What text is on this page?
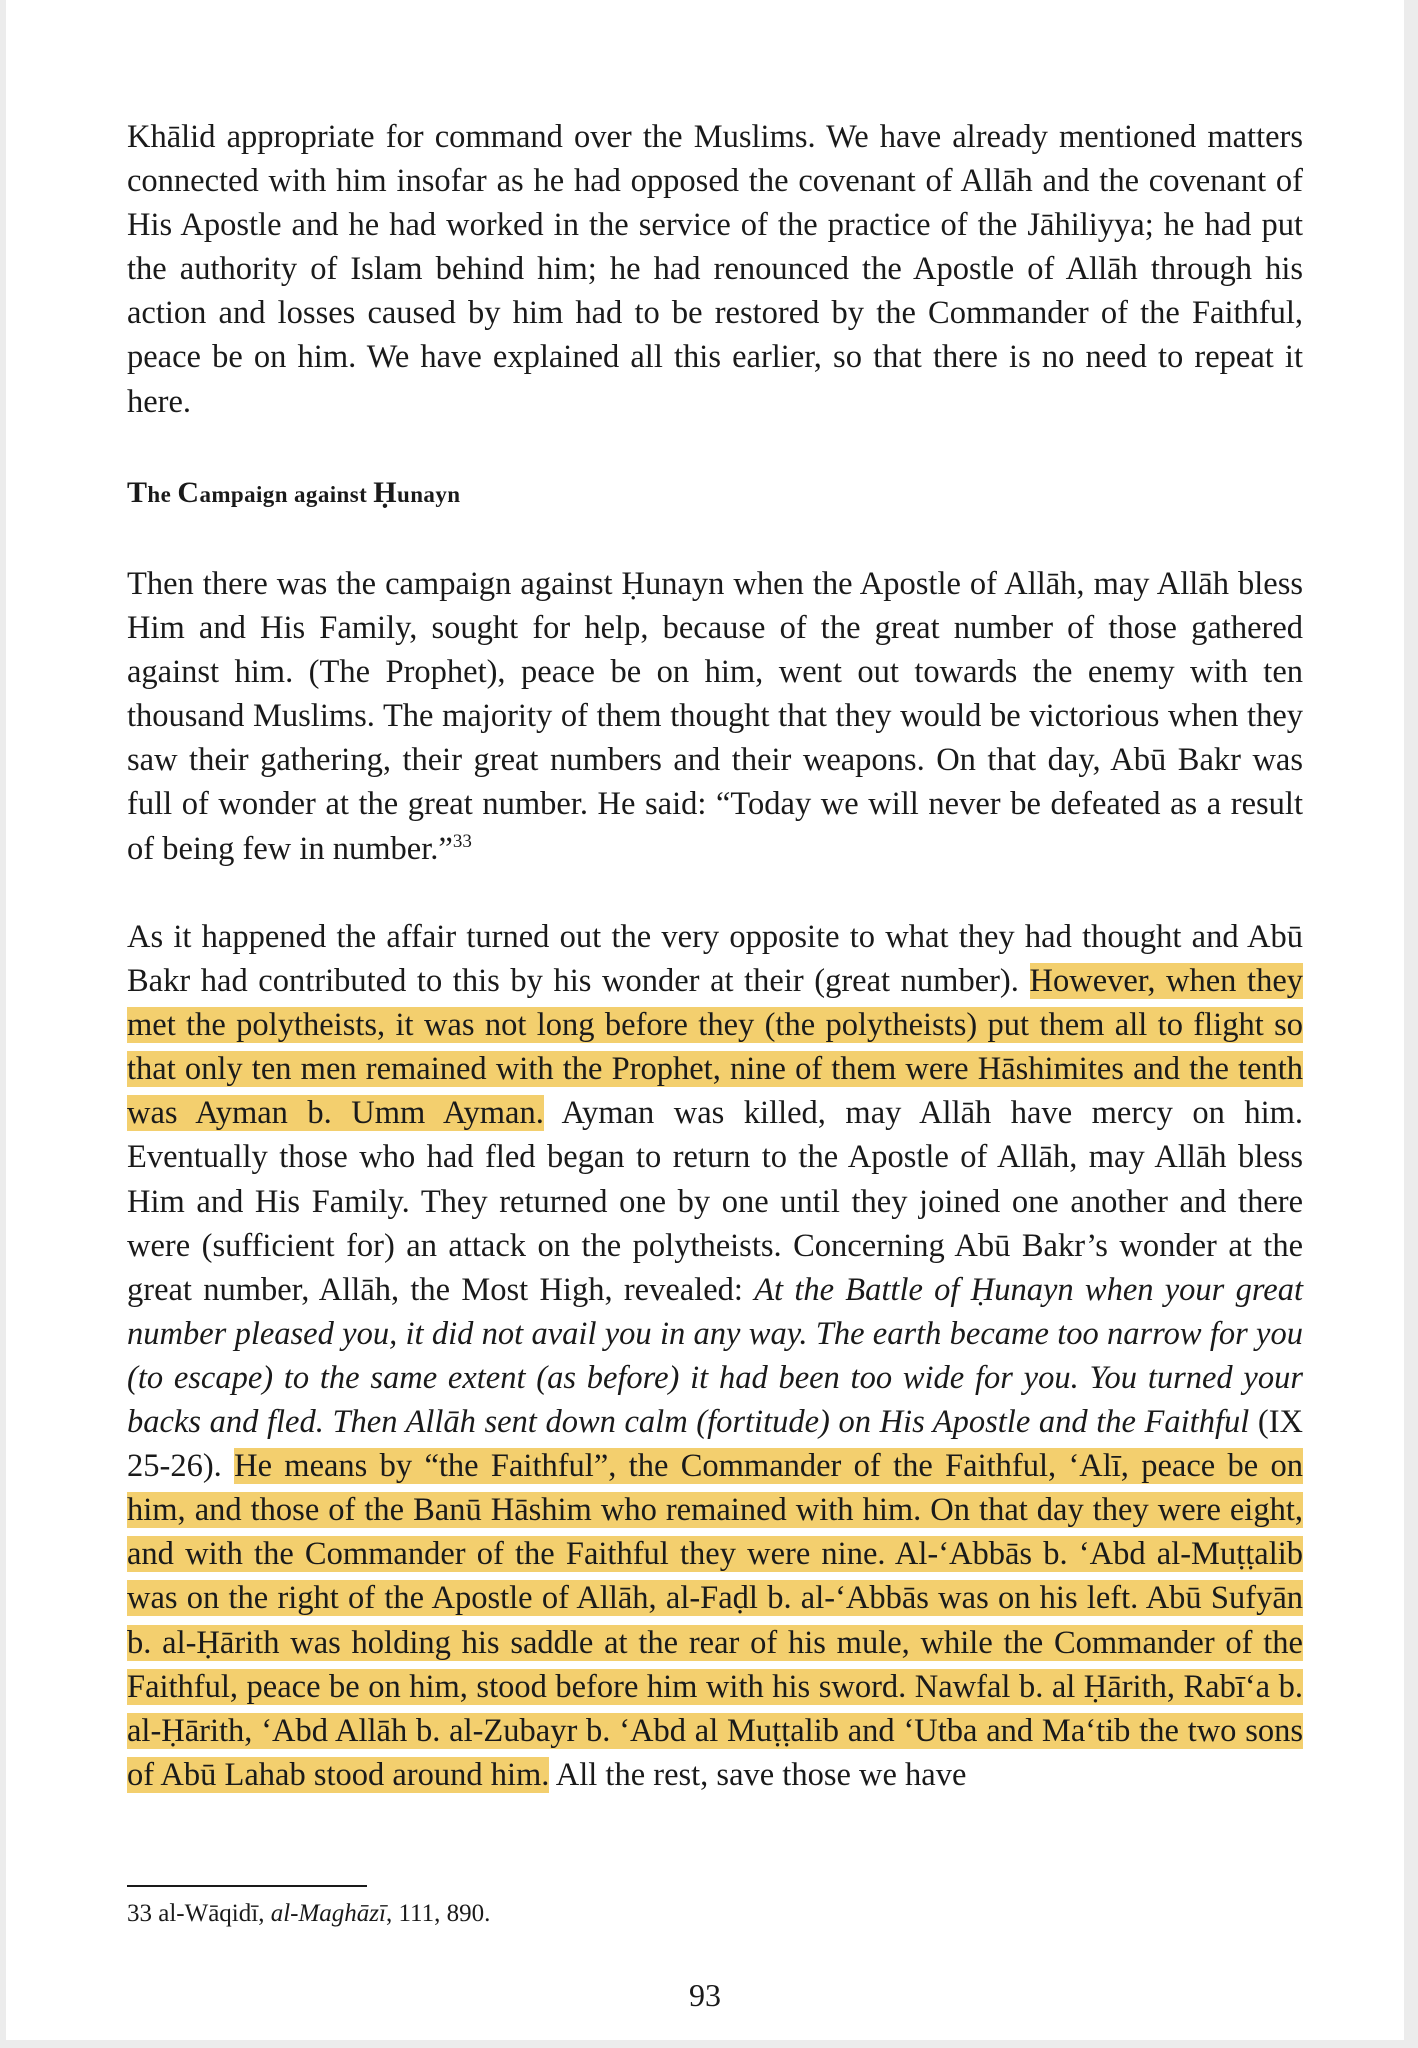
Khālid appropriate for command over the Muslims. We have already mentioned matters connected with him insofar as he had opposed the covenant of Allāh and the covenant of His Apostle and he had worked in the service of the practice of the Jāhiliyya; he had put the authority of Islam behind him; he had renounced the Apostle of Allāh through his action and losses caused by him had to be restored by the Commander of the Faithful, peace be on him. We have explained all this earlier, so that there is no need to repeat it here.

The Campaign against Ḥunayn

Then there was the campaign against Ḥunayn when the Apostle of Allāh, may Allāh bless Him and His Family, sought for help, because of the great number of those gathered against him. (The Prophet), peace be on him, went out towards the enemy with ten thousand Muslims. The majority of them thought that they would be victorious when they saw their gathering, their great numbers and their weapons. On that day, Abū Bakr was full of wonder at the great number. He said: “Today we will never be defeated as a result of being few in number.”$^{33}$

As it happened the affair turned out the very opposite to what they had thought and Abū Bakr had contributed to this by his wonder at their (great number). However, when they met the polytheists, it was not long before they (the polytheists) put them all to flight so that only ten men remained with the Prophet, nine of them were Hāshimites and the tenth was Ayman b. Umm Ayman. Ayman was killed, may Allāh have mercy on him. Eventually those who had fled began to return to the Apostle of Allāh, may Allāh bless Him and His Family. They returned one by one until they joined one another and there were (sufficient for) an attack on the polytheists. Concerning Abū Bakr’s wonder at the great number, Allāh, the Most High, revealed: At the Battle of Ḥunayn when your great number pleased you, it did not avail you in any way. The earth became too narrow for you (to escape) to the same extent (as before) it had been too wide for you. You turned your backs and fled. Then Allāh sent down calm (fortitude) on His Apostle and the Faithful (IX 25-26). He means by “the Faithful”, the Commander of the Faithful, ‘Alī, peace be on him, and those of the Banū Hāshim who remained with him. On that day they were eight, and with the Commander of the Faithful they were nine. Al-‘Abbās b. ‘Abd al-Muṭṭalib was on the right of the Apostle of Allāh, al-Faḍl b. al-‘Abbās was on his left. Abū Sufyān b. al-Ḥārith was holding his saddle at the rear of his mule, while the Commander of the Faithful, peace be on him, stood before him with his sword. Nawfal b. al Ḥārith, Rabī‘a b. al-Ḥārith, ‘Abd Allāh b. al-Zubayr b. ‘Abd al Muṭṭalib and ‘Utba and Ma‘tib the two sons of Abū Lahab stood around him. All the rest, save those we have

33 al-Wāqidī, al-Maghāzī, 111, 890.
93
